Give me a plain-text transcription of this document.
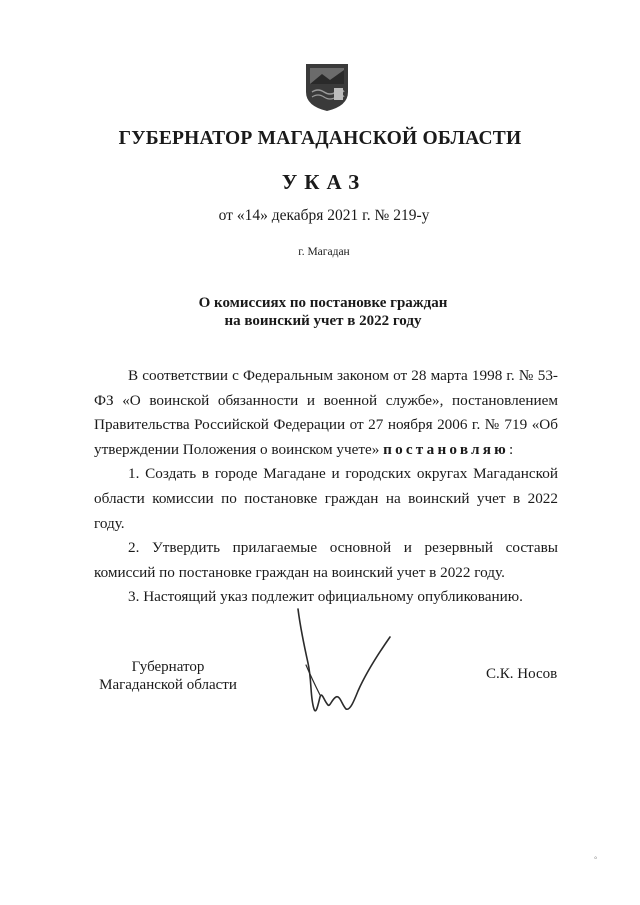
ГУБЕРНАТОР МАГАДАНСКОЙ ОБЛАСТИ
УКАЗ
от «14» декабря 2021 г. № 219-у
г. Магадан
О комиссиях по постановке граждан
на воинский учет в 2022 году

В соответствии с Федеральным законом от 28 марта 1998 г. № 53-ФЗ «О воинской обязанности и военной службе», постановлением Правительства Российской Федерации от 27 ноября 2006 г. № 719 «Об утверждении Положения о воинском учете» постановляю:

1. Создать в городе Магадане и городских округах Магаданской области комиссии по постановке граждан на воинский учет в 2022 году.

2. Утвердить прилагаемые основной и резервный составы комиссий по постановке граждан на воинский учет в 2022 году.

3. Настоящий указ подлежит официальному опубликованию.

Губернатор
Магаданской области
С.К. Носов
°
